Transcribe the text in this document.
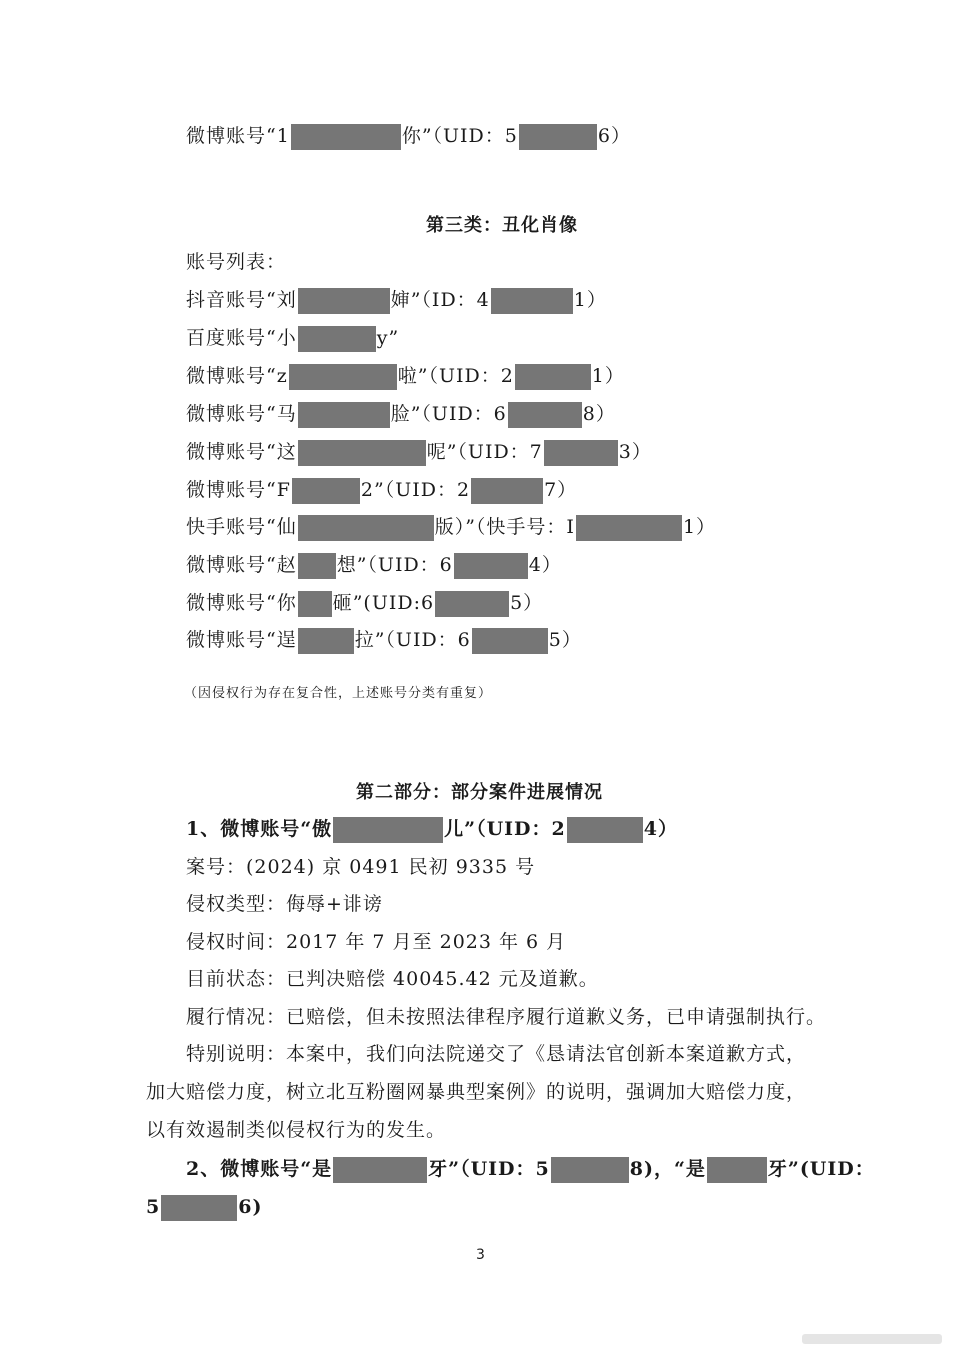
微博账号“1	你”（UID：5	6）
第三类：丑化肖像
账号列表：
抖音账号“刘	婶”（ID：4	1）
百度账号“小	y”
微博账号“z	啦”（UID：2	1）
微博账号“马	脸”（UID：6	8）
微博账号“这	呢”（UID：7	3）
微博账号“F	2”（UID：2	7）
快手账号“仙	版）”（快手号：I	1）
微博账号“赵 想”（UID：6	4）
微博账号“你 砸”(UID:6	5）
微博账号“逞	拉”（UID：6	5）
（因侵权行为存在复合性，上述账号分类有重复）
第二部分：部分案件进展情况
1、微博账号“傲	儿”（UID：2	4）
案号：(2024) 京 0491 民初 9335 号
侵权类型：侮辱+诽谤
侵权时间：2017 年 7 月至 2023 年 6 月
目前状态：已判决赔偿 40045.42 元及道歉。
履行情况：已赔偿，但未按照法律程序履行道歉义务，已申请强制执行。
特别说明：本案中，我们向法院递交了《恳请法官创新本案道歉方式，加大赔偿力度，树立北互粉圈网暴典型案例》的说明，强调加大赔偿力度，以有效遏制类似侵权行为的发生。
2、微博账号“是	牙”（UID：5	8)，“是	牙”(UID：
5	6)
3
